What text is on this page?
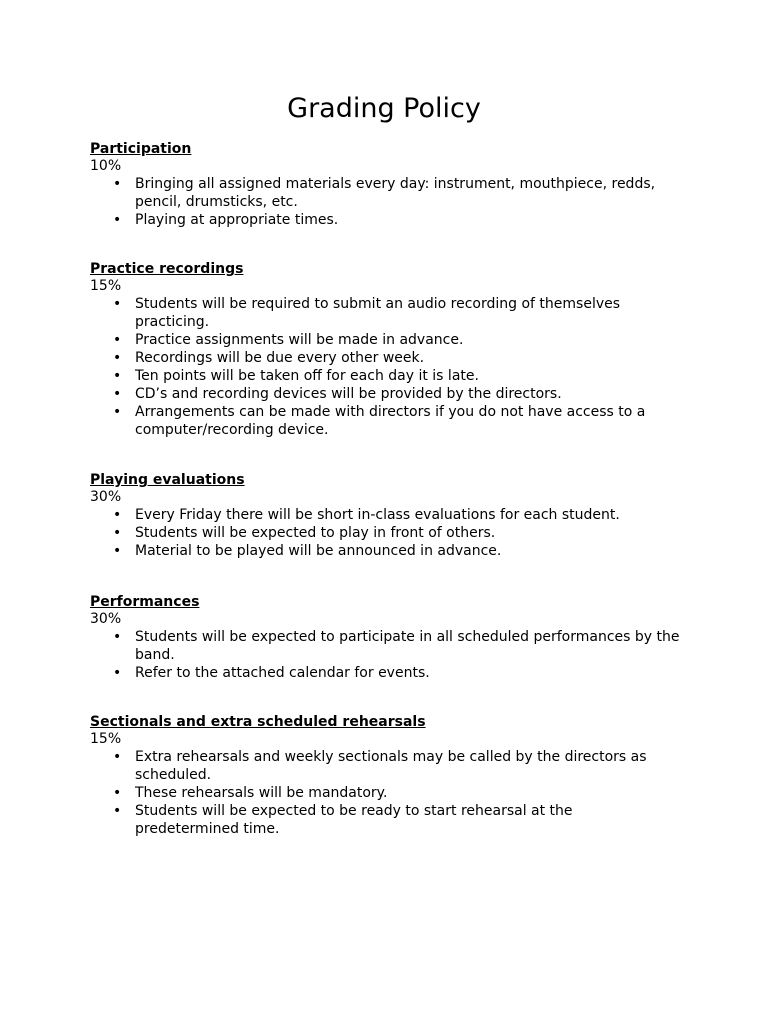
Grading Policy
Participation
10%
• Bringing all assigned materials every day: instrument, mouthpiece, redds, pencil, drumsticks, etc.
• Playing at appropriate times.
Practice recordings
15%
• Students will be required to submit an audio recording of themselves practicing.
• Practice assignments will be made in advance.
• Recordings will be due every other week.
• Ten points will be taken off for each day it is late.
• CD’s and recording devices will be provided by the directors.
• Arrangements can be made with directors if you do not have access to a computer/recording device.
Playing evaluations
30%
• Every Friday there will be short in-class evaluations for each student.
• Students will be expected to play in front of others.
• Material to be played will be announced in advance.
Performances
30%
• Students will be expected to participate in all scheduled performances by the band.
• Refer to the attached calendar for events.
Sectionals and extra scheduled rehearsals
15%
• Extra rehearsals and weekly sectionals may be called by the directors as scheduled.
• These rehearsals will be mandatory.
• Students will be expected to be ready to start rehearsal at the predetermined time.
